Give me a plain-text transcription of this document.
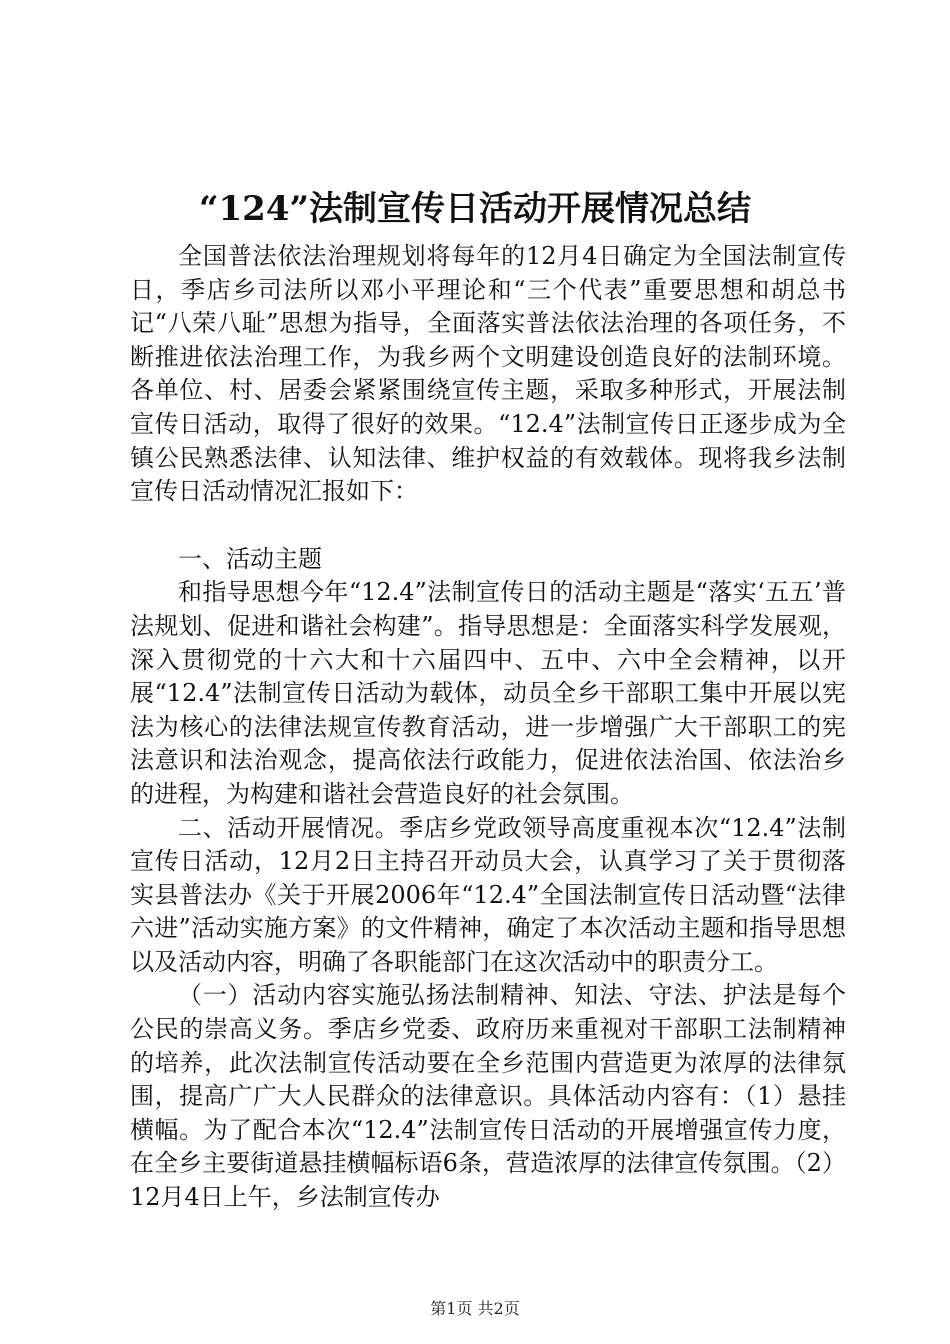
“124”法制宣传日活动开展情况总结

全国普法依法治理规划将每年的12月4日确定为全国法制宣传日，季店乡司法所以邓小平理论和“三个代表”重要思想和胡总书记“八荣八耻”思想为指导，全面落实普法依法治理的各项任务，不断推进依法治理工作，为我乡两个文明建设创造良好的法制环境。各单位、村、居委会紧紧围绕宣传主题，采取多种形式，开展法制宣传日活动，取得了很好的效果。“12.4”法制宣传日正逐步成为全镇公民熟悉法律、认知法律、维护权益的有效载体。现将我乡法制宣传日活动情况汇报如下：

一、活动主题

和指导思想今年“12.4”法制宣传日的活动主题是“落实‘五五’普法规划、促进和谐社会构建”。指导思想是：全面落实科学发展观，深入贯彻党的十六大和十六届四中、五中、六中全会精神，以开展“12.4”法制宣传日活动为载体，动员全乡干部职工集中开展以宪法为核心的法律法规宣传教育活动，进一步增强广大干部职工的宪法意识和法治观念，提高依法行政能力，促进依法治国、依法治乡的进程，为构建和谐社会营造良好的社会氛围。

二、活动开展情况。季店乡党政领导高度重视本次“12.4”法制宣传日活动，12月2日主持召开动员大会，认真学习了关于贯彻落实县普法办《关于开展2006年“12.4”全国法制宣传日活动暨“法律六进”活动实施方案》的文件精神，确定了本次活动主题和指导思想以及活动内容，明确了各职能部门在这次活动中的职责分工。

（一）活动内容实施弘扬法制精神、知法、守法、护法是每个公民的崇高义务。季店乡党委、政府历来重视对干部职工法制精神的培养，此次法制宣传活动要在全乡范围内营造更为浓厚的法律氛围，提高广广大人民群众的法律意识。具体活动内容有：（1）悬挂横幅。为了配合本次“12.4”法制宣传日活动的开展增强宣传力度，在全乡主要街道悬挂横幅标语6条，营造浓厚的法律宣传氛围。（2）12月4日上午，乡法制宣传办

第1页 共2页
